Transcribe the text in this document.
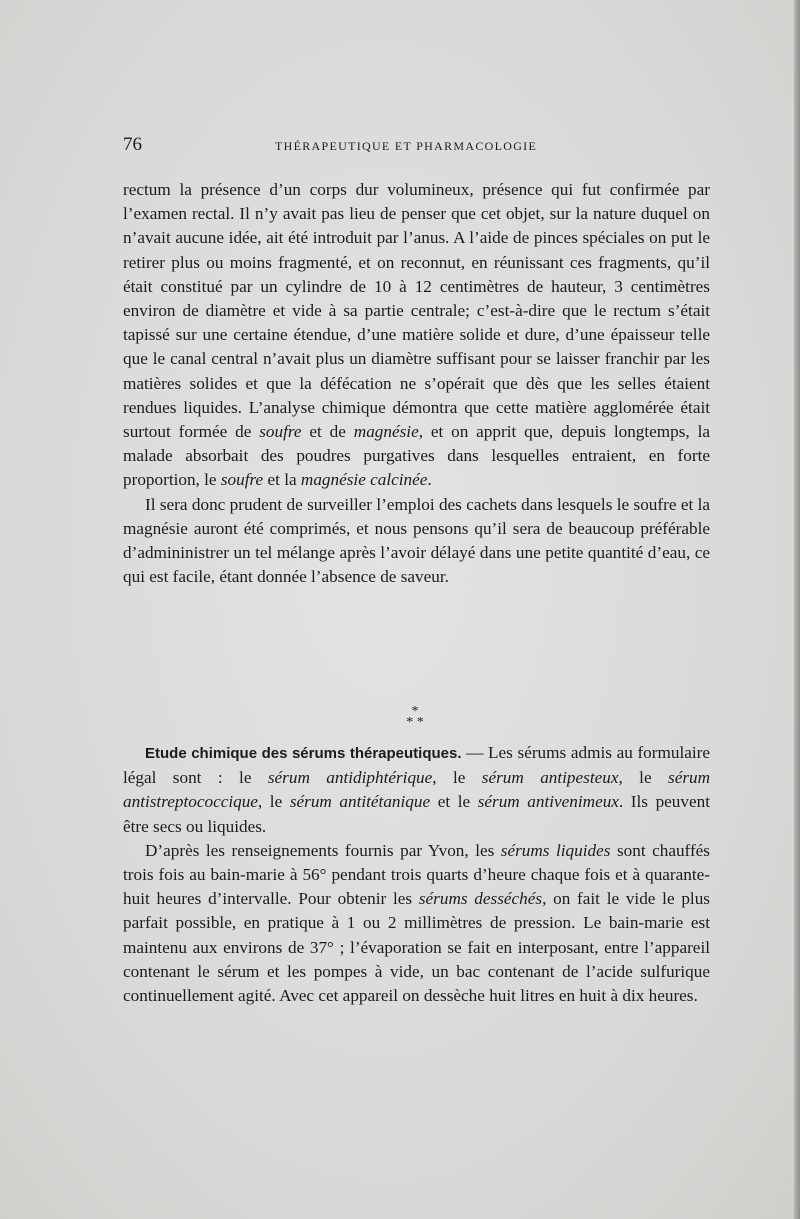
76	THÉRAPEUTIQUE ET PHARMACOLOGIE

rectum la présence d’un corps dur volumineux, présence qui fut confirmée par l’examen rectal. Il n’y avait pas lieu de penser que cet objet, sur la nature duquel on n’avait aucune idée, ait été introduit par l’anus. A l’aide de pinces spéciales on put le retirer plus ou moins fragmenté, et on reconnut, en réunissant ces fragments, qu’il était constitué par un cylindre de 10 à 12 centimètres de hauteur, 3 centimètres environ de diamètre et vide à sa partie centrale; c’est-à-dire que le rectum s’était tapissé sur une certaine étendue, d’une matière solide et dure, d’une épaisseur telle que le canal central n’avait plus un diamètre suffisant pour se laisser franchir par les matières solides et que la défécation ne s’opérait que dès que les selles étaient rendues liquides. L’analyse chimique démontra que cette matière agglomérée était surtout formée de soufre et de magnésie, et on apprit que, depuis longtemps, la malade absorbait des poudres purgatives dans lesquelles entraient, en forte proportion, le soufre et la magnésie calcinée.

Il sera donc prudent de surveiller l’emploi des cachets dans lesquels le soufre et la magnésie auront été comprimés, et nous pensons qu’il sera de beaucoup préférable d’admininistrer un tel mélange après l’avoir délayé dans une petite quantité d’eau, ce qui est facile, étant donnée l’absence de saveur.

*
* *

Etude chimique des sérums thérapeutiques. — Les sérums admis au formulaire légal sont : le sérum antidiphtérique, le sérum antipesteux, le sérum antistreptococcique, le sérum antitétanique et le sérum antivenimeux. Ils peuvent être secs ou liquides.

D’après les renseignements fournis par Yvon, les sérums liquides sont chauffés trois fois au bain-marie à 56° pendant trois quarts d’heure chaque fois et à quarante-huit heures d’intervalle. Pour obtenir les sérums desséchés, on fait le vide le plus parfait possible, en pratique à 1 ou 2 millimètres de pression. Le bain-marie est maintenu aux environs de 37° ; l’évaporation se fait en interposant, entre l’appareil contenant le sérum et les pompes à vide, un bac contenant de l’acide sulfurique continuellement agité. Avec cet appareil on dessèche huit litres en huit à dix heures.
